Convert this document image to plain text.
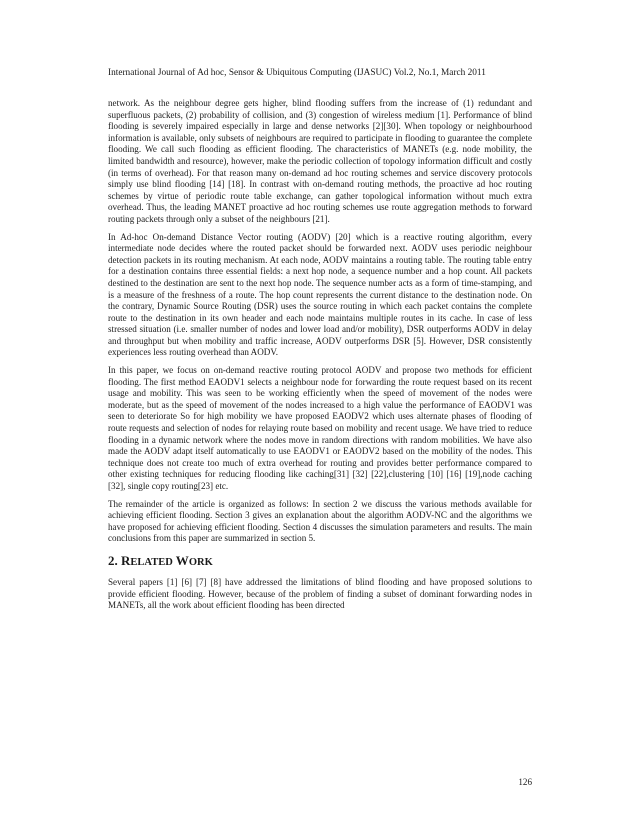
International Journal of Ad hoc, Sensor & Ubiquitous Computing (IJASUC) Vol.2, No.1, March 2011

network. As the neighbour degree gets higher, blind flooding suffers from the increase of (1) redundant and superfluous packets, (2) probability of collision, and (3) congestion of wireless medium [1]. Performance of blind flooding is severely impaired especially in large and dense networks [2][30]. When topology or neighbourhood information is available, only subsets of neighbours are required to participate in flooding to guarantee the complete flooding. We call such flooding as efficient flooding. The characteristics of MANETs (e.g. node mobility, the limited bandwidth and resource), however, make the periodic collection of topology information difficult and costly (in terms of overhead). For that reason many on-demand ad hoc routing schemes and service discovery protocols simply use blind flooding [14] [18]. In contrast with on-demand routing methods, the proactive ad hoc routing schemes by virtue of periodic route table exchange, can gather topological information without much extra overhead. Thus, the leading MANET proactive ad hoc routing schemes use route aggregation methods to forward routing packets through only a subset of the neighbours [21].

In Ad-hoc On-demand Distance Vector routing (AODV) [20] which is a reactive routing algorithm, every intermediate node decides where the routed packet should be forwarded next. AODV uses periodic neighbour detection packets in its routing mechanism. At each node, AODV maintains a routing table. The routing table entry for a destination contains three essential fields: a next hop node, a sequence number and a hop count. All packets destined to the destination are sent to the next hop node. The sequence number acts as a form of time-stamping, and is a measure of the freshness of a route. The hop count represents the current distance to the destination node. On the contrary, Dynamic Source Routing (DSR) uses the source routing in which each packet contains the complete route to the destination in its own header and each node maintains multiple routes in its cache. In case of less stressed situation (i.e. smaller number of nodes and lower load and/or mobility), DSR outperforms AODV in delay and throughput but when mobility and traffic increase, AODV outperforms DSR [5]. However, DSR consistently experiences less routing overhead than AODV.

In this paper, we focus on on-demand reactive routing protocol AODV and propose two methods for efficient flooding. The first method EAODV1 selects a neighbour node for forwarding the route request based on its recent usage and mobility. This was seen to be working efficiently when the speed of movement of the nodes were moderate, but as the speed of movement of the nodes increased to a high value the performance of EAODV1 was seen to deteriorate So for high mobility we have proposed EAODV2 which uses alternate phases of flooding of route requests and selection of nodes for relaying route based on mobility and recent usage. We have tried to reduce flooding in a dynamic network where the nodes move in random directions with random mobilities. We have also made the AODV adapt itself automatically to use EAODV1 or EAODV2 based on the mobility of the nodes. This technique does not create too much of extra overhead for routing and provides better performance compared to other existing techniques for reducing flooding like caching[31] [32] [22],clustering [10] [16] [19],node caching [32], single copy routing[23] etc.

The remainder of the article is organized as follows: In section 2 we discuss the various methods available for achieving efficient flooding. Section 3 gives an explanation about the algorithm AODV-NC and the algorithms we have proposed for achieving efficient flooding. Section 4 discusses the simulation parameters and results. The main conclusions from this paper are summarized in section 5.

2. RELATED WORK

Several papers [1] [6] [7] [8] have addressed the limitations of blind flooding and have proposed solutions to provide efficient flooding. However, because of the problem of finding a subset of dominant forwarding nodes in MANETs, all the work about efficient flooding has been directed

126
